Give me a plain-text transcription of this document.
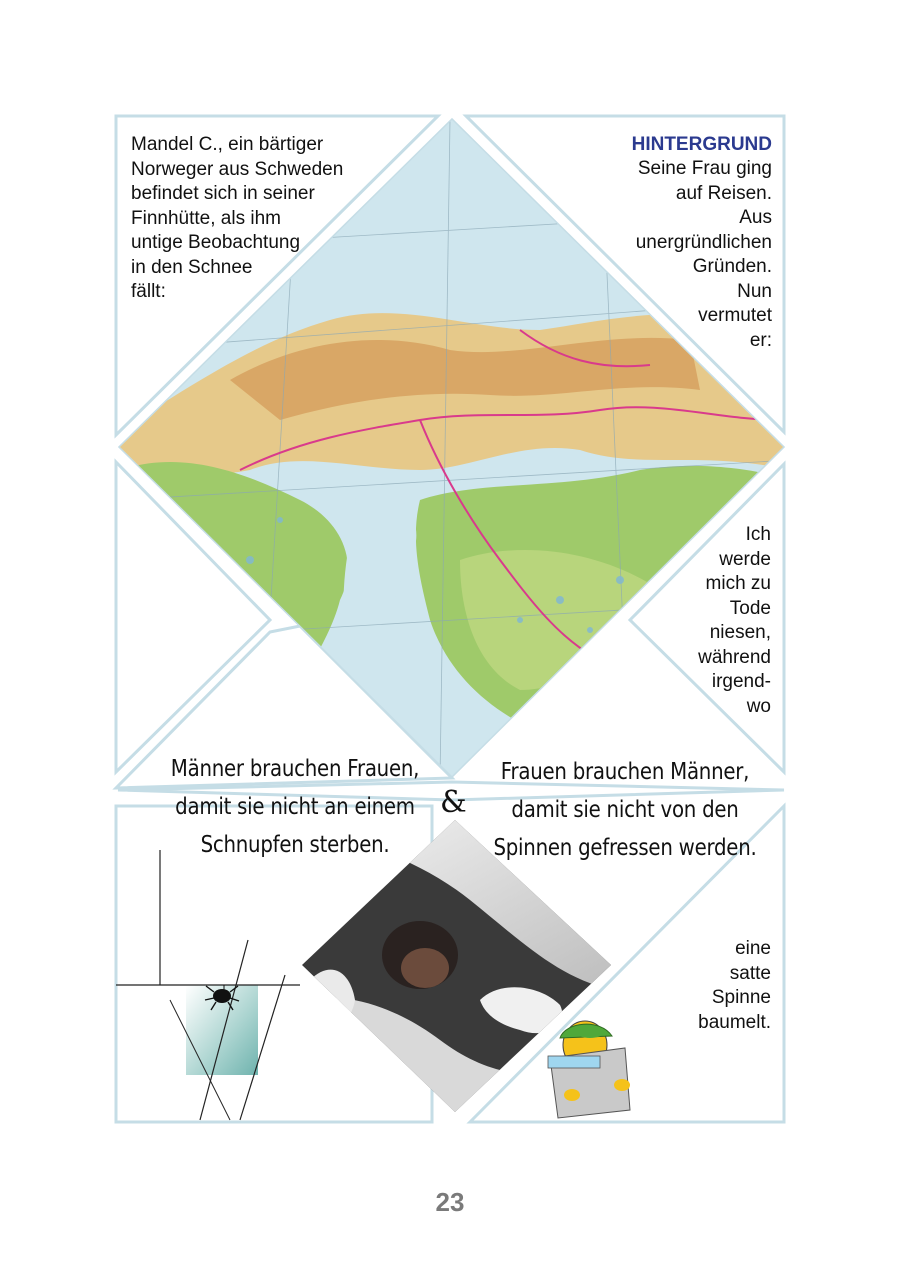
Mandel C., ein bärtiger
Norweger aus Schweden
befindet sich in seiner
Finnhütte, als ihm
untige Beobachtung
in den Schnee
fällt:
HINTERGRUND
Seine Frau ging
auf Reisen.
Aus
unergründlichen
Gründen.
Nun
vermutet
er:
Ich
werde
mich zu
Tode
niesen,
während
irgend-
wo
eine
satte
Spinne
baumelt.
Männer brauchen Frauen,
damit sie nicht an einem
Schnupfen sterben.
&
Frauen brauchen Männer,
damit sie nicht von den
Spinnen gefressen werden.
23
